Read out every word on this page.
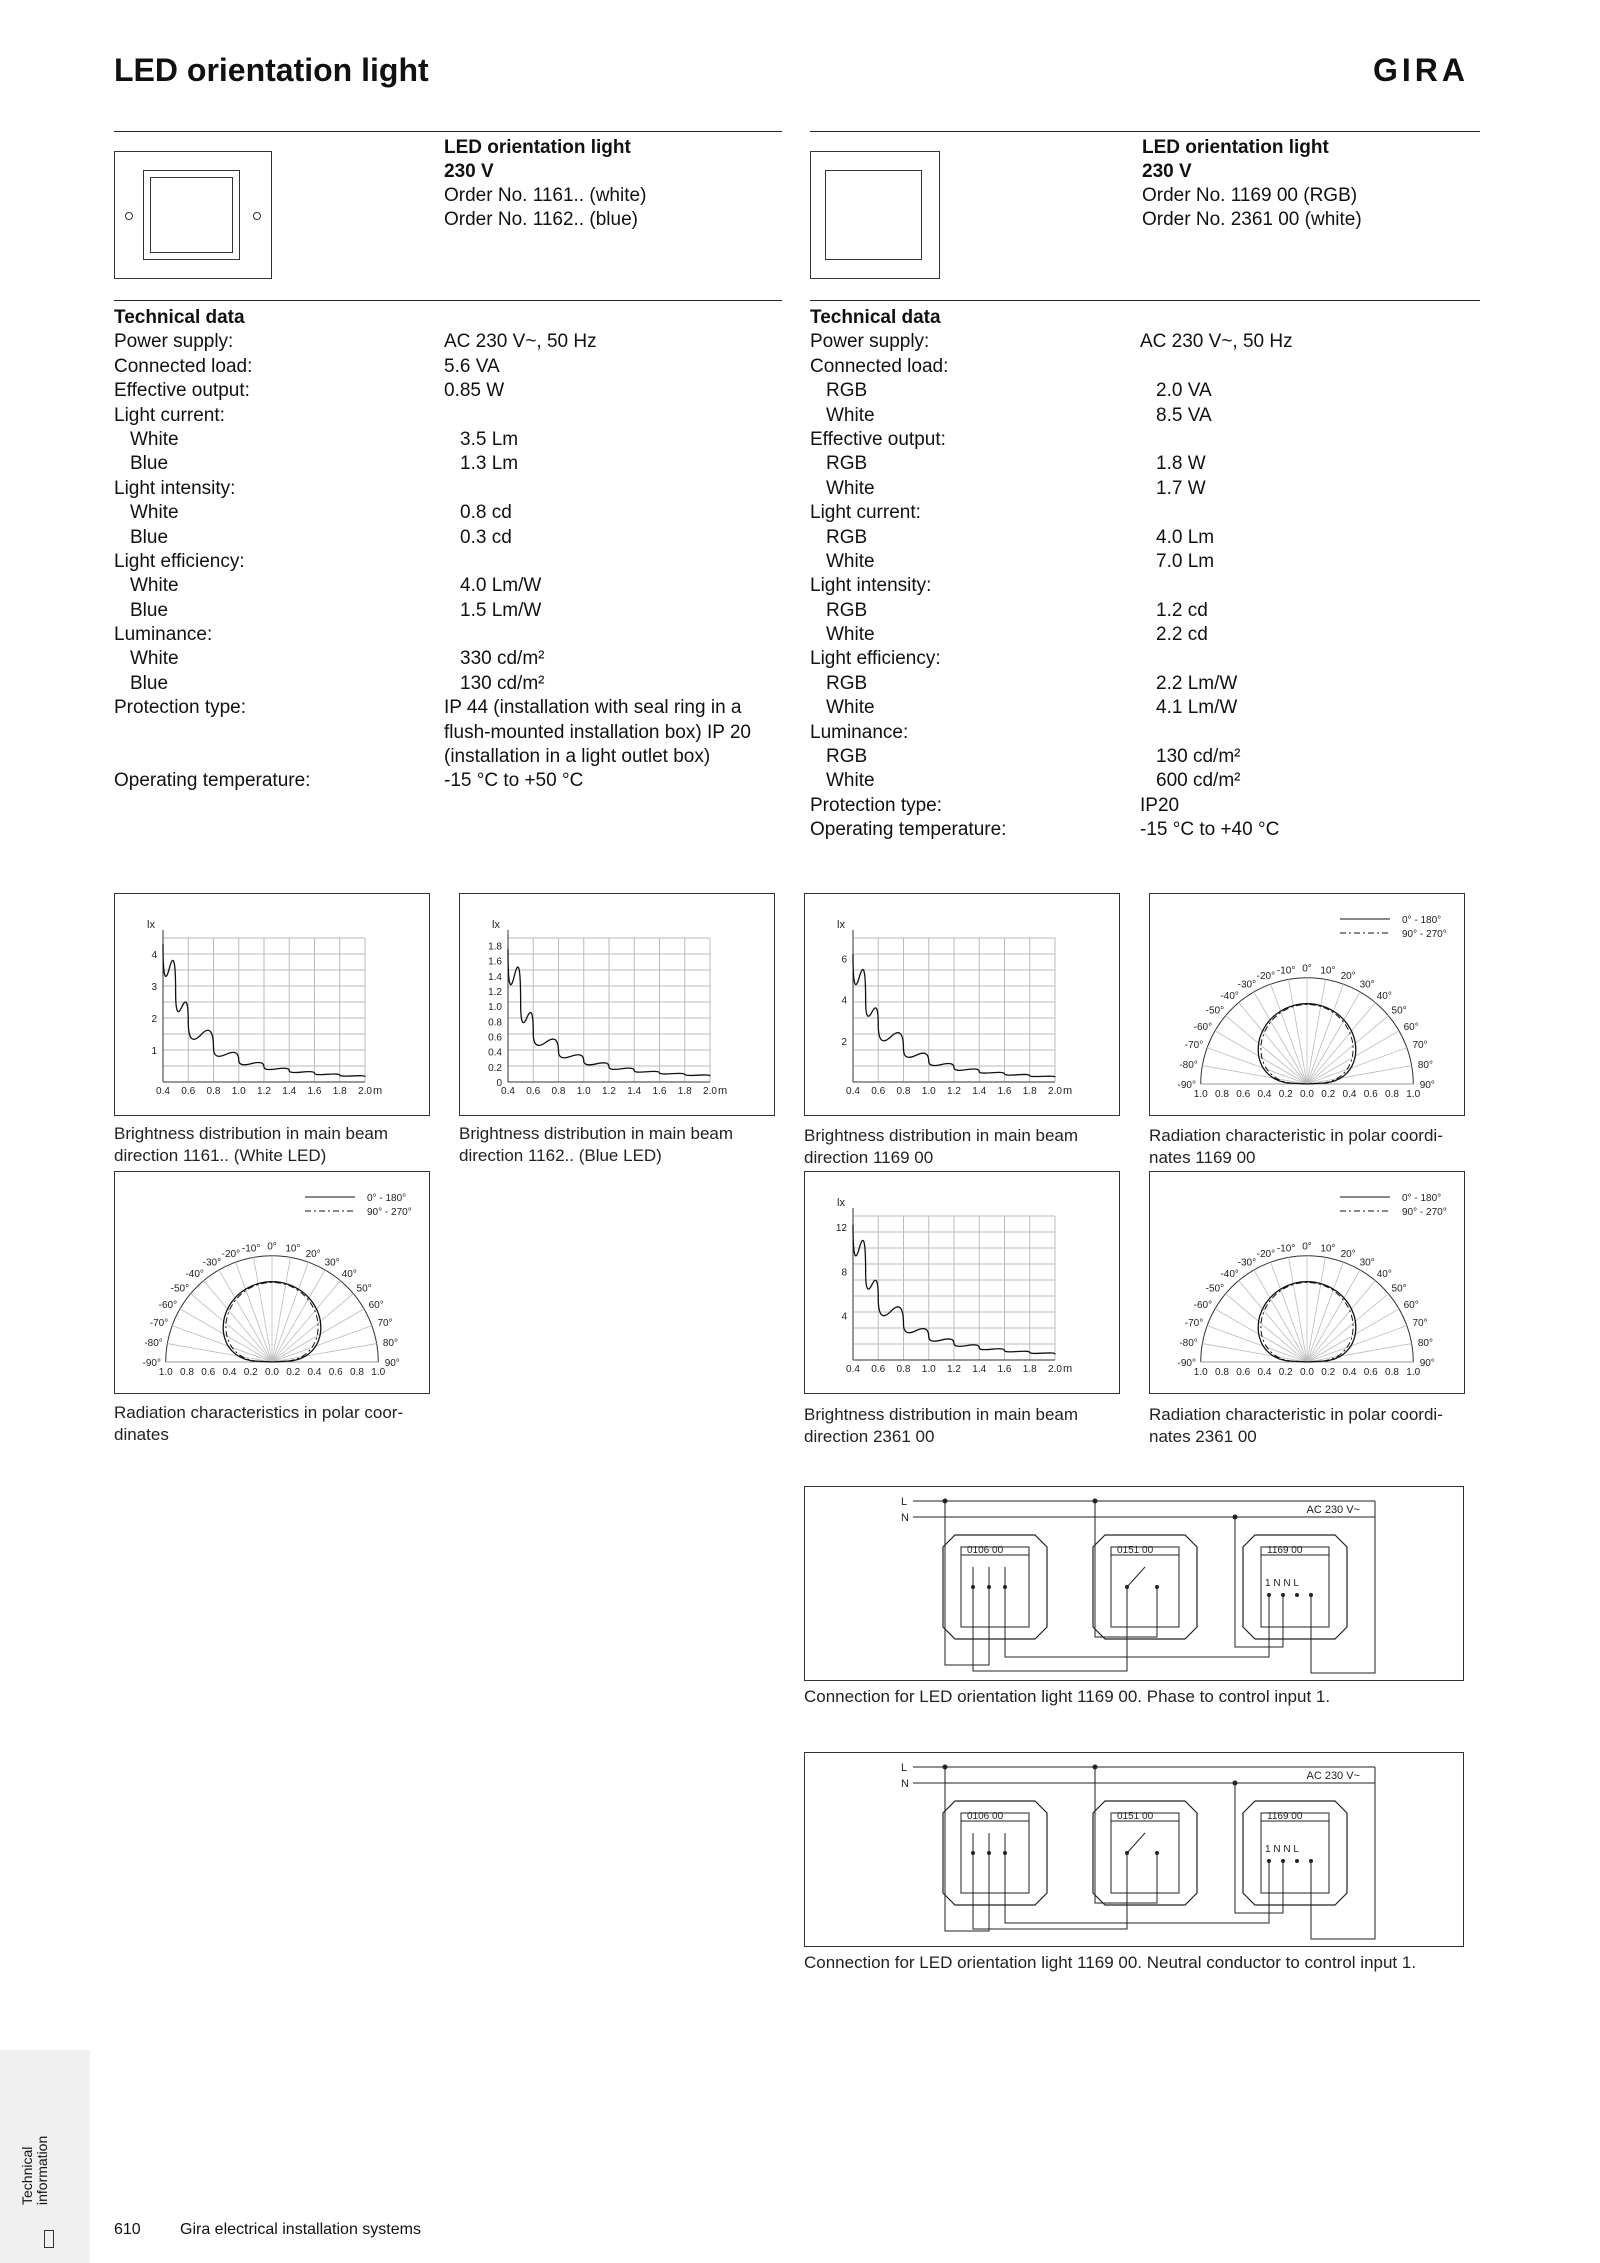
LED orientation light	GIRA
LED orientation light
230 V
Order No. 1161.. (white)
Order No. 1162.. (blue)
LED orientation light
230 V
Order No. 1169 00 (RGB)
Order No. 2361 00 (white)
Technical data
Power supply:	AC 230 V~, 50 Hz
Connected load:	5.6 VA
Effective output:	0.85 W
Light current:
White	3.5 Lm
Blue	1.3 Lm
Light intensity:
White	0.8 cd
Blue	0.3 cd
Light efficiency:
White	4.0 Lm/W
Blue	1.5 Lm/W
Luminance:
White	330 cd/m²
Blue	130 cd/m²
Protection type:	IP 44 (installation with seal ring in a flush-mounted installation box) IP 20 (installation in a light outlet box)
Operating temperature:	-15 °C to +50 °C
Technical data
Power supply:	AC 230 V~, 50 Hz
Connected load:
RGB	2.0 VA
White	8.5 VA
Effective output:
RGB	1.8 W
White	1.7 W
Light current:
RGB	4.0 Lm
White	7.0 Lm
Light intensity:
RGB	1.2 cd
White	2.2 cd
Light efficiency:
RGB	2.2 Lm/W
White	4.1 Lm/W
Luminance:
RGB	130 cd/m²
White	600 cd/m²
Protection type:	IP20
Operating temperature:	-15 °C to +40 °C
0.4 0.6 0.8 1.0 1.2 1.4 1.6 1.8 2.0
1
2
3
4
lx
m
Brightness distribution in main beam direction 1161.. (White LED)
0.4 0.6 0.8 1.0 1.2 1.4 1.6 1.8 2.0
0
0.2
0.4
0.6
0.8
1.0
1.2
1.4
1.6
1.8
lx
m
Brightness distribution in main beam direction 1162.. (Blue LED)
0.4 0.6 0.8 1.0 1.2 1.4 1.6 1.8 2.0
2
4
6
lx
m
Brightness distribution in main beam direction 1169 00
-90°
-80°
-70°
-60°
-50°
-40°
-30°
-20° -10° 0° 10° 20°
30°
40°
50°
60°
70°
80°
90°
1.0 0.8 0.6 0.4 0.2 0.0 0.2 0.4 0.6 0.8 1.0
0° - 180°
90° - 270°
Radiation characteristic in polar coordi-nates 1169 00
-90°
-80°
-70°
-60°
-50°
-40°
-30°
-20° -10° 0° 10° 20°
30°
40°
50°
60°
70°
80°
90°
1.0 0.8 0.6 0.4 0.2 0.0 0.2 0.4 0.6 0.8 1.0
0° - 180°
90° - 270°
Radiation characteristics in polar coor-dinates
0.4 0.6 0.8 1.0 1.2 1.4 1.6 1.8 2.0
4
8
12
lx
m
Brightness distribution in main beam direction 2361 00
-90°
-80°
-70°
-60°
-50°
-40°
-30°
-20° -10° 0° 10° 20°
30°
40°
50°
60°
70°
80°
90°
1.0 0.8 0.6 0.4 0.2 0.0 0.2 0.4 0.6 0.8 1.0
0° - 180°
90° - 270°
Radiation characteristic in polar coordi-nates 2361 00
L
N
AC 230 V~
0106 00	0151 00	1169 00
1 N N L
Connection for LED orientation light 1169 00. Phase to control input 1.
L
N
AC 230 V~
0106 00	0151 00	1169 00
1 N N L
Connection for LED orientation light 1169 00. Neutral conductor to control input 1.
Technical information
610 Gira electrical installation systems
